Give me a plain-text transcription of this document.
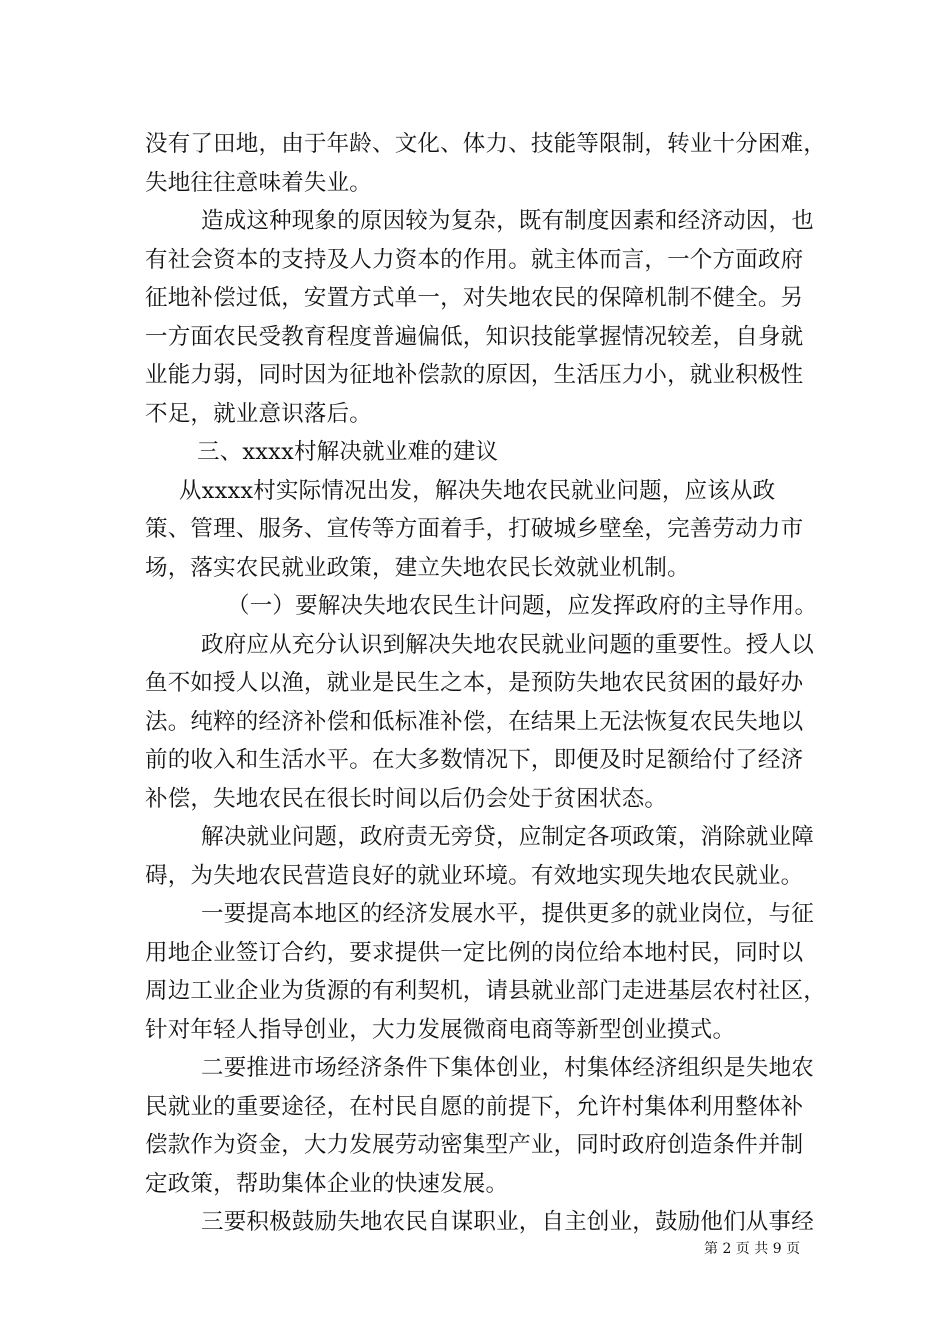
没有了田地，由于年龄、文化、体力、技能等限制，转业十分困难，
失地往往意味着失业。
造成这种现象的原因较为复杂，既有制度因素和经济动因，也
有社会资本的支持及人力资本的作用。就主体而言，一个方面政府
征地补偿过低，安置方式单一，对失地农民的保障机制不健全。另
一方面农民受教育程度普遍偏低，知识技能掌握情况较差，自身就
业能力弱，同时因为征地补偿款的原因，生活压力小，就业积极性
不足，就业意识落后。
三、xxxx村解决就业难的建议
从xxxx村实际情况出发，解决失地农民就业问题，应该从政
策、管理、服务、宣传等方面着手，打破城乡壁垒，完善劳动力市
场，落实农民就业政策，建立失地农民长效就业机制。
（一）要解决失地农民生计问题，应发挥政府的主导作用。
政府应从充分认识到解决失地农民就业问题的重要性。授人以
鱼不如授人以渔，就业是民生之本，是预防失地农民贫困的最好办
法。纯粹的经济补偿和低标准补偿，在结果上无法恢复农民失地以
前的收入和生活水平。在大多数情况下，即便及时足额给付了经济
补偿，失地农民在很长时间以后仍会处于贫困状态。
解决就业问题，政府责无旁贷，应制定各项政策，消除就业障
碍，为失地农民营造良好的就业环境。有效地实现失地农民就业。
一要提高本地区的经济发展水平，提供更多的就业岗位，与征
用地企业签订合约，要求提供一定比例的岗位给本地村民，同时以
周边工业企业为货源的有利契机，请县就业部门走进基层农村社区，
针对年轻人指导创业，大力发展微商电商等新型创业摸式。
二要推进市场经济条件下集体创业，村集体经济组织是失地农
民就业的重要途径，在村民自愿的前提下，允许村集体利用整体补
偿款作为资金，大力发展劳动密集型产业，同时政府创造条件并制
定政策，帮助集体企业的快速发展。
三要积极鼓励失地农民自谋职业，自主创业，鼓励他们从事经
第 2 页 共 9 页
